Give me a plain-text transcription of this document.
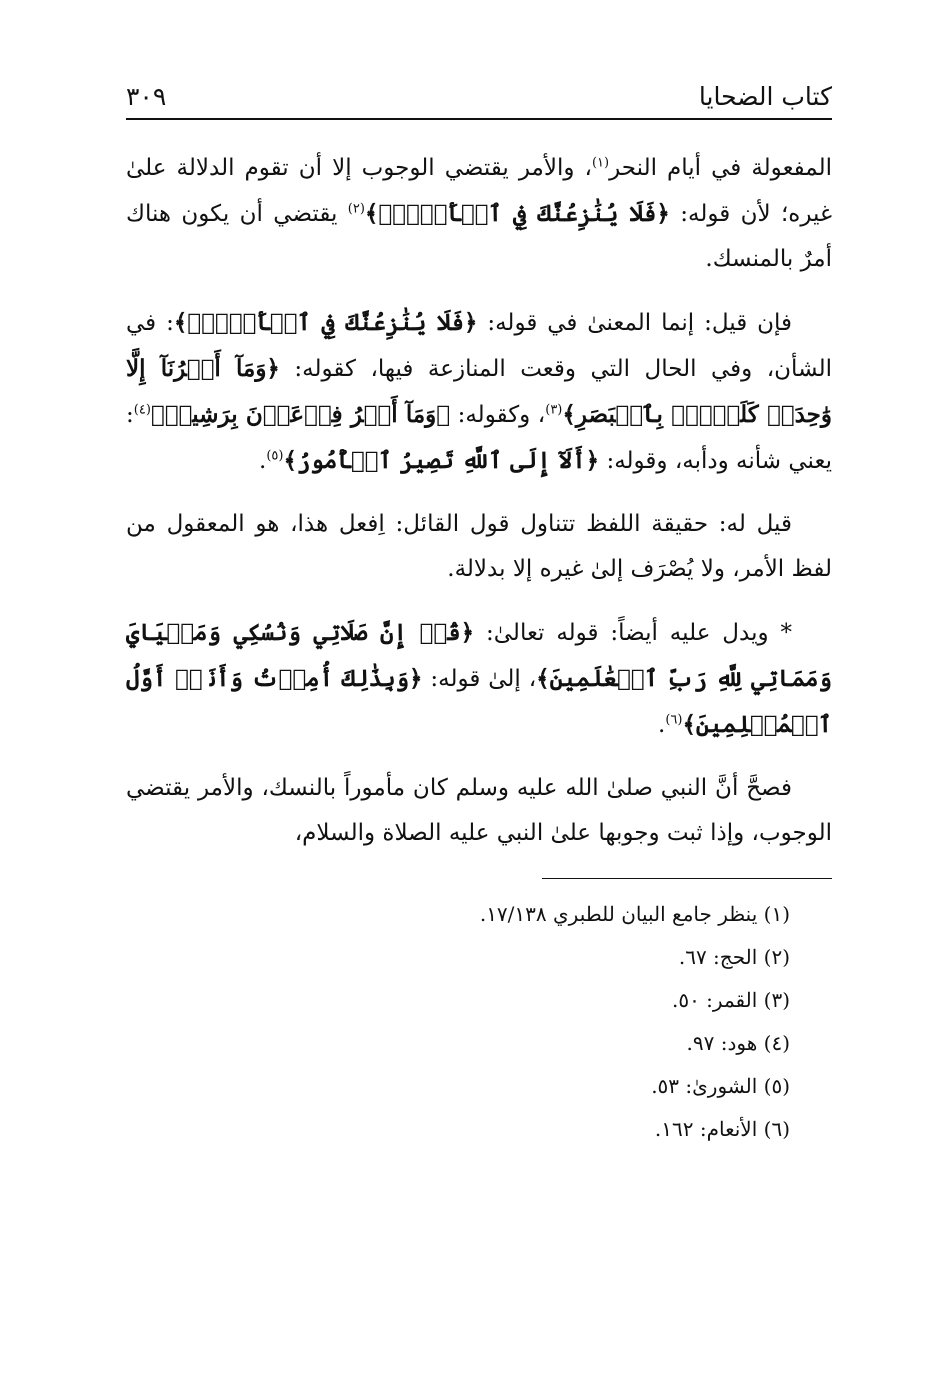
كتاب الضحايا
٣٠٩

المفعولة في أيام النحر$^{(١)}$، والأمر يقتضي الوجوب إلا أن تقوم الدلالة علىٰ غيره؛ لأن قوله: ﴿فَلَا يُنَٰزِعُنَّكَ فِي ٱلۡأَمۡرِۚ﴾$^{(٢)}$ يقتضي أن يكون هناك أمرٌ بالمنسك.

فإن قيل: إنما المعنىٰ في قوله: ﴿فَلَا يُنَٰزِعُنَّكَ فِي ٱلۡأَمۡرِۚ﴾: في الشأن، وفي الحال التي وقعت المنازعة فيها، كقوله: ﴿وَمَآ أَمۡرُنَآ إِلَّا وَٰحِدَةٞ كَلَمۡحِۭ بِٱلۡبَصَرِ﴾$^{(٣)}$، وكقوله: ﴿وَمَآ أَمۡرُ فِرۡعَوۡنَ بِرَشِيدٖ﴾$^{(٤)}$: يعني شأنه ودأبه، وقوله: ﴿أَلَآ إِلَى ٱللَّهِ تَصِيرُ ٱلۡأُمُورُ﴾$^{(٥)}$.

قيل له: حقيقة اللفظ تتناول قول القائل: اِفعل هذا، هو المعقول من لفظ الأمر، ولا يُصْرَف إلىٰ غيره إلا بدلالة.

* ويدل عليه أيضاً: قوله تعالىٰ: ﴿قُلۡ إِنَّ صَلَاتِي وَنُسُكِي وَمَحۡيَايَ وَمَمَاتِي لِلَّهِ رَبِّ ٱلۡعَٰلَمِينَ﴾، إلىٰ قوله: ﴿وَبِذَٰلِكَ أُمِرۡتُ وَأَنَا۠ أَوَّلُ ٱلۡمُسۡلِمِينَ﴾$^{(٦)}$.

فصحَّ أنَّ النبي صلىٰ الله عليه وسلم كان مأموراً بالنسك، والأمر يقتضي الوجوب، وإذا ثبت وجوبها علىٰ النبي عليه الصلاة والسلام،

(١) ينظر جامع البيان للطبري ١٧/١٣٨.
(٢) الحج: ٦٧.
(٣) القمر: ٥٠.
(٤) هود: ٩٧.
(٥) الشوریٰ: ٥٣.
(٦) الأنعام: ١٦٢.
